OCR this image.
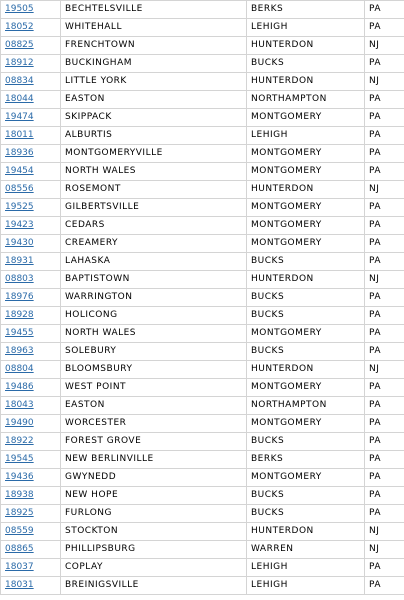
19505	BECHTELSVILLE	BERKS	PA
18052	WHITEHALL	LEHIGH	PA
08825	FRENCHTOWN	HUNTERDON	NJ
18912	BUCKINGHAM	BUCKS	PA
08834	LITTLE YORK	HUNTERDON	NJ
18044	EASTON	NORTHAMPTON	PA
19474	SKIPPACK	MONTGOMERY	PA
18011	ALBURTIS	LEHIGH	PA
18936	MONTGOMERYVILLE	MONTGOMERY	PA
19454	NORTH WALES	MONTGOMERY	PA
08556	ROSEMONT	HUNTERDON	NJ
19525	GILBERTSVILLE	MONTGOMERY	PA
19423	CEDARS	MONTGOMERY	PA
19430	CREAMERY	MONTGOMERY	PA
18931	LAHASKA	BUCKS	PA
08803	BAPTISTOWN	HUNTERDON	NJ
18976	WARRINGTON	BUCKS	PA
18928	HOLICONG	BUCKS	PA
19455	NORTH WALES	MONTGOMERY	PA
18963	SOLEBURY	BUCKS	PA
08804	BLOOMSBURY	HUNTERDON	NJ
19486	WEST POINT	MONTGOMERY	PA
18043	EASTON	NORTHAMPTON	PA
19490	WORCESTER	MONTGOMERY	PA
18922	FOREST GROVE	BUCKS	PA
19545	NEW BERLINVILLE	BERKS	PA
19436	GWYNEDD	MONTGOMERY	PA
18938	NEW HOPE	BUCKS	PA
18925	FURLONG	BUCKS	PA
08559	STOCKTON	HUNTERDON	NJ
08865	PHILLIPSBURG	WARREN	NJ
18037	COPLAY	LEHIGH	PA
18031	BREINIGSVILLE	LEHIGH	PA
